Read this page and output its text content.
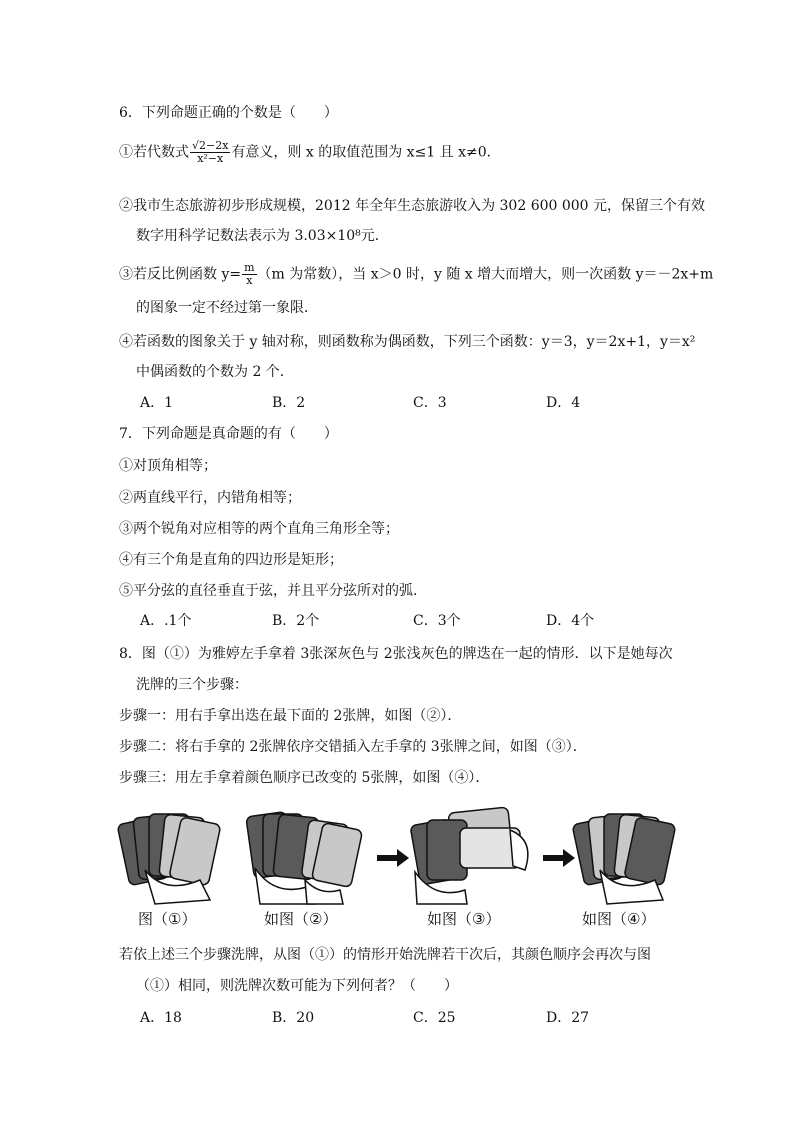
6．下列命题正确的个数是（　　）
①若代数式 $\frac{√2-2x}{\text{x²−x}}$ 有意义，则 x 的取值范围为 x≤1 且 x≠0．
②我市生态旅游初步形成规模，2012 年全年生态旅游收入为 302 600 000 元，保留三个有效
数字用科学记数法表示为 3.03×10⁸元．
③若反比例函数 $y= \frac{m}{x} (m$ 为常数），当 x＞0 时，y 随 x 增大而增大，则一次函数 y＝－2x+m
的图象一定不经过第一象限．
④若函数的图象关于 y 轴对称，则函数称为偶函数，下列三个函数：y＝3，y＝2x+1，y＝x²
中偶函数的个数为 2 个．
A．1	B．2	C．3	D．4
7．下列命题是真命题的有（　　）
①对顶角相等；
②两直线平行，内错角相等；
③两个锐角对应相等的两个直角三角形全等；
④有三个角是直角的四边形是矩形；
⑤平分弦的直径垂直于弦，并且平分弦所对的弧．
A．.1个	B．2个	C．3个	D．4个
8．图（①）为雅婷左手拿着 3张深灰色与 2张浅灰色的牌迭在一起的情形．以下是她每次
洗牌的三个步骤：
步骤一：用右手拿出迭在最下面的 2张牌，如图（②）．
步骤二：将右手拿的 2张牌依序交错插入左手拿的 3张牌之间，如图（③）．
步骤三：用左手拿着颜色顺序已改变的 5张牌，如图（④）．
图（①）	如图（②）	如图（③）	如图（④）
若依上述三个步骤洗牌，从图（①）的情形开始洗牌若干次后，其颜色顺序会再次与图
（①）相同，则洗牌次数可能为下列何者？（　　）
A．18	B．20	C．25	D．27
